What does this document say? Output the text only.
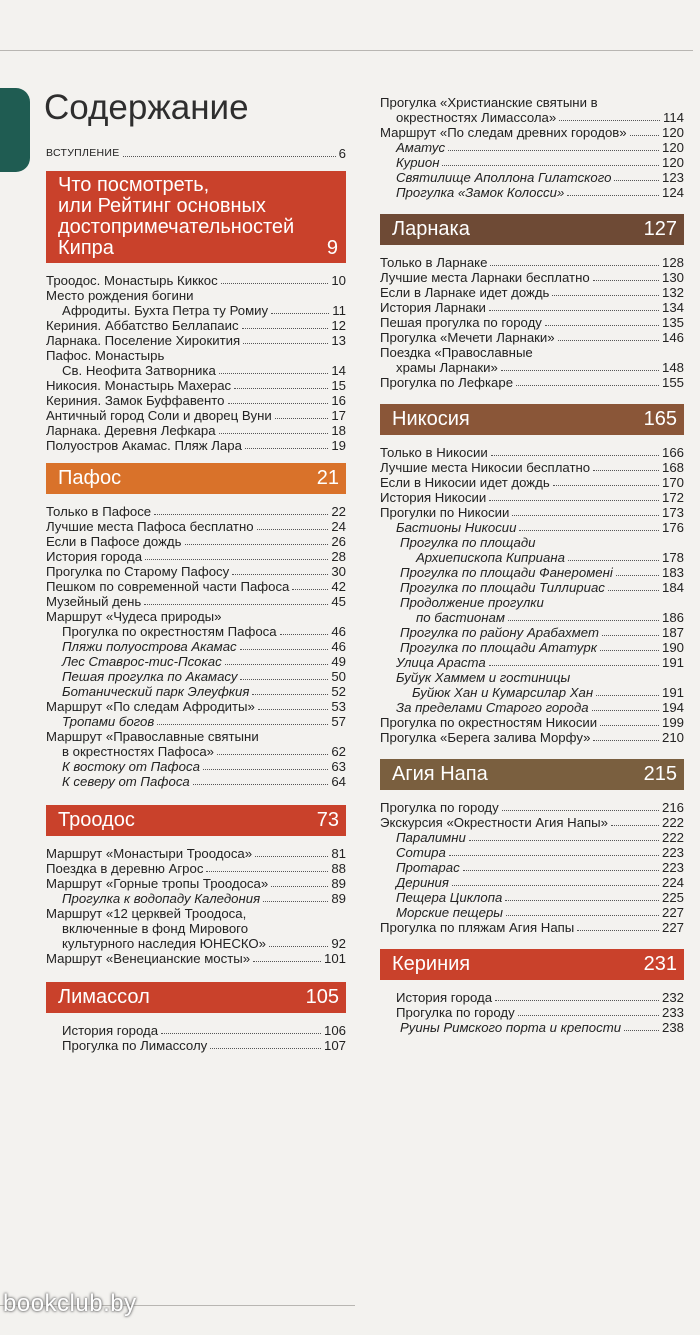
Содержание
ВСТУПЛЕНИЕ	6
Что посмотреть,
или Рейтинг основных
достопримечательностей
Кипра	9
Троодос. Монастырь Киккос	10
Место рождения богини
Афродиты. Бухта Петра ту Ромиу	11
Кериния. Аббатство Беллапаис	12
Ларнака. Поселение Хирокития	13
Пафос. Монастырь
Св. Неофита Затворника	14
Никосия. Монастырь Махерас	15
Кериния. Замок Буффавенто	16
Античный город Соли и дворец Вуни	17
Ларнака. Деревня Лефкара	18
Полуостров Акамас. Пляж Лара	19
Пафос	21
Только в Пафосе	22
Лучшие места Пафоса бесплатно	24
Если в Пафосе дождь	26
История города	28
Прогулка по Старому Пафосу	30
Пешком по современной части Пафоса	42
Музейный день	45
Маршрут «Чудеса природы»
Прогулка по окрестностям Пафоса	46
Пляжи полуострова Акамас	46
Лес Ставрос-тис-Псокас	49
Пешая прогулка по Акамасу	50
Ботанический парк Элеуфкия	52
Маршрут «По следам Афродиты»	53
Тропами богов	57
Маршрут «Православные святыни
в окрестностях Пафоса»	62
К востоку от Пафоса	63
К северу от Пафоса	64
Троодос	73
Маршрут «Монастыри Троодоса»	81
Поездка в деревню Агрос	88
Маршрут «Горные тропы Троодоса»	89
Прогулка к водопаду Каледония	89
Маршрут «12 церквей Троодоса,
включенные в фонд Мирового
культурного наследия ЮНЕСКО»	92
Маршрут «Венецианские мосты»	101
Лимассол	105
История города	106
Прогулка по Лимассолу	107
Прогулка «Христианские святыни в
окрестностях Лимассола»	114
Маршрут «По следам древних городов»	120
Аматус	120
Курион	120
Святилище Аполлона Гилатского	123
Прогулка «Замок Колосси»	124
Ларнака	127
Только в Ларнаке	128
Лучшие места Ларнаки бесплатно	130
Если в Ларнаке идет дождь	132
История Ларнаки	134
Пешая прогулка по городу	135
Прогулка «Мечети Ларнаки»	146
Поездка «Православные
храмы Ларнаки»	148
Прогулка по Лефкаре	155
Никосия	165
Только в Никосии	166
Лучшие места Никосии бесплатно	168
Если в Никосии идет дождь	170
История Никосии	172
Прогулки по Никосии	173
Бастионы Никосии	176
Прогулка по площади
Архиепископа Киприана	178
Прогулка по площади Фанероменi	183
Прогулка по площади Тиллириас	184
Продолжение прогулки
по бастионам	186
Прогулка по району Арабахмет	187
Прогулка по площади Ататурк	190
Улица Араста	191
Буйук Хаммем и гостиницы
Буйюк Хан и Кумарсилар Хан	191
За пределами Старого города	194
Прогулка по окрестностям Никосии	199
Прогулка «Берега залива Морфу»	210
Агия Напа	215
Прогулка по городу	216
Экскурсия «Окрестности Агия Напы»	222
Паралимни	222
Сотира	223
Протарас	223
Дериния	224
Пещера Циклопа	225
Морские пещеры	227
Прогулка по пляжам Агия Напы	227
Кериния	231
История города	232
Прогулка по городу	233
Руины Римского порта и крепости	238
bookclub.by
